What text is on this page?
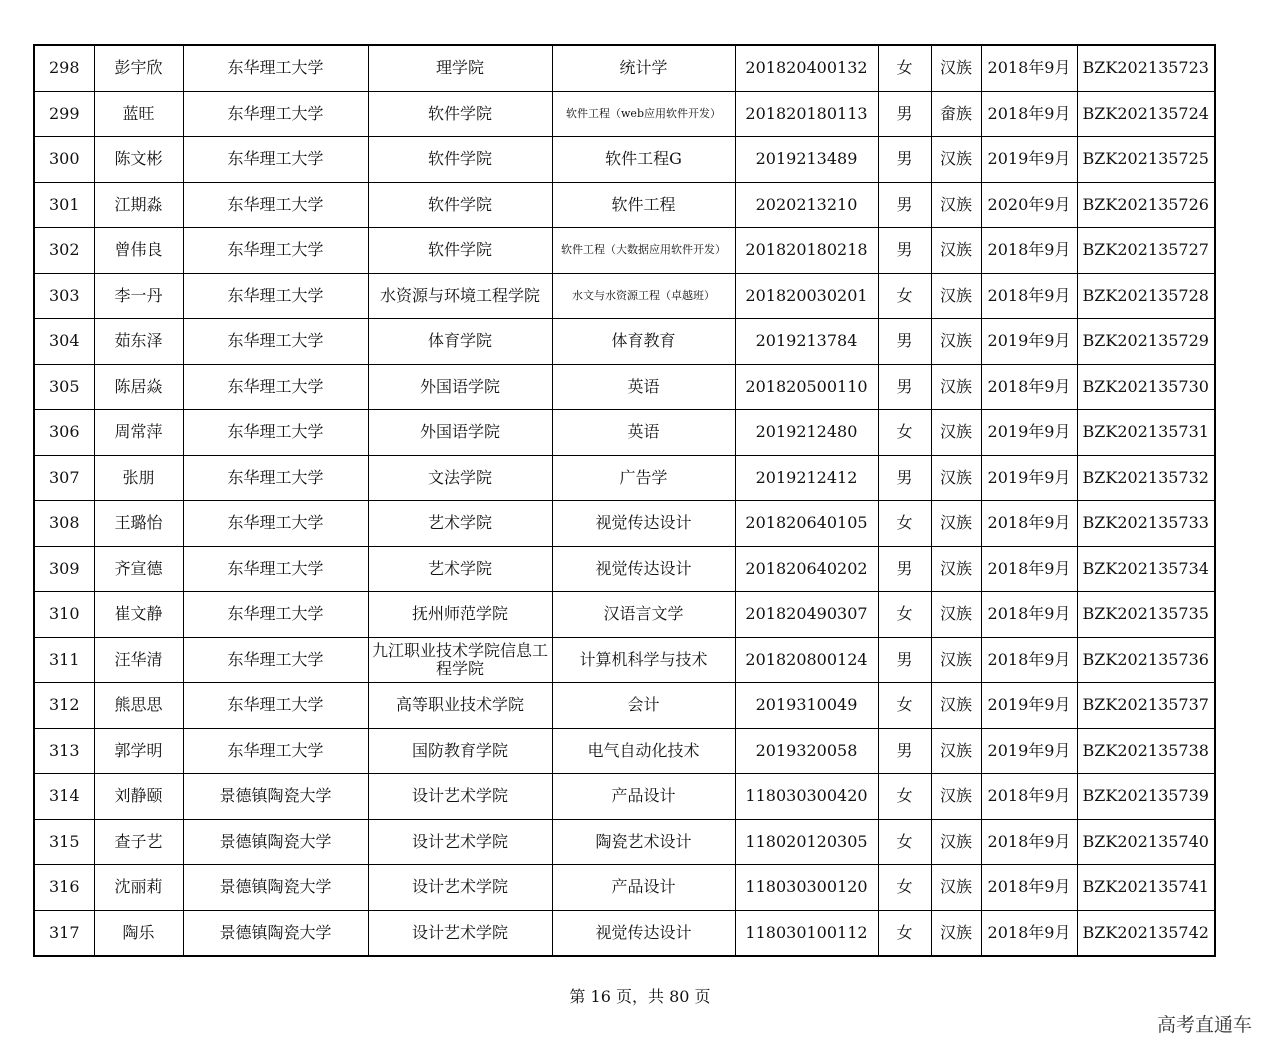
298	彭宇欣	东华理工大学	理学院	统计学	201820400132	女	汉族	2018年9月	BZK202135723
299	蓝旺	东华理工大学	软件学院	软件工程（web应用软件开发）	201820180113	男	畲族	2018年9月	BZK202135724
300	陈文彬	东华理工大学	软件学院	软件工程G	2019213489	男	汉族	2019年9月	BZK202135725
301	江期淼	东华理工大学	软件学院	软件工程	2020213210	男	汉族	2020年9月	BZK202135726
302	曾伟良	东华理工大学	软件学院	软件工程（大数据应用软件开发）	201820180218	男	汉族	2018年9月	BZK202135727
303	李一丹	东华理工大学	水资源与环境工程学院	水文与水资源工程（卓越班）	201820030201	女	汉族	2018年9月	BZK202135728
304	茹东泽	东华理工大学	体育学院	体育教育	2019213784	男	汉族	2019年9月	BZK202135729
305	陈居焱	东华理工大学	外国语学院	英语	201820500110	男	汉族	2018年9月	BZK202135730
306	周常萍	东华理工大学	外国语学院	英语	2019212480	女	汉族	2019年9月	BZK202135731
307	张朋	东华理工大学	文法学院	广告学	2019212412	男	汉族	2019年9月	BZK202135732
308	王璐怡	东华理工大学	艺术学院	视觉传达设计	201820640105	女	汉族	2018年9月	BZK202135733
309	齐宣德	东华理工大学	艺术学院	视觉传达设计	201820640202	男	汉族	2018年9月	BZK202135734
310	崔文静	东华理工大学	抚州师范学院	汉语言文学	201820490307	女	汉族	2018年9月	BZK202135735
311	汪华清	东华理工大学	九江职业技术学院信息工程学院	计算机科学与技术	201820800124	男	汉族	2018年9月	BZK202135736
312	熊思思	东华理工大学	高等职业技术学院	会计	2019310049	女	汉族	2019年9月	BZK202135737
313	郭学明	东华理工大学	国防教育学院	电气自动化技术	2019320058	男	汉族	2019年9月	BZK202135738
314	刘静颐	景德镇陶瓷大学	设计艺术学院	产品设计	118030300420	女	汉族	2018年9月	BZK202135739
315	查子艺	景德镇陶瓷大学	设计艺术学院	陶瓷艺术设计	118020120305	女	汉族	2018年9月	BZK202135740
316	沈丽莉	景德镇陶瓷大学	设计艺术学院	产品设计	118030300120	女	汉族	2018年9月	BZK202135741
317	陶乐	景德镇陶瓷大学	设计艺术学院	视觉传达设计	118030100112	女	汉族	2018年9月	BZK202135742
第 16 页，共 80 页
高考直通车
